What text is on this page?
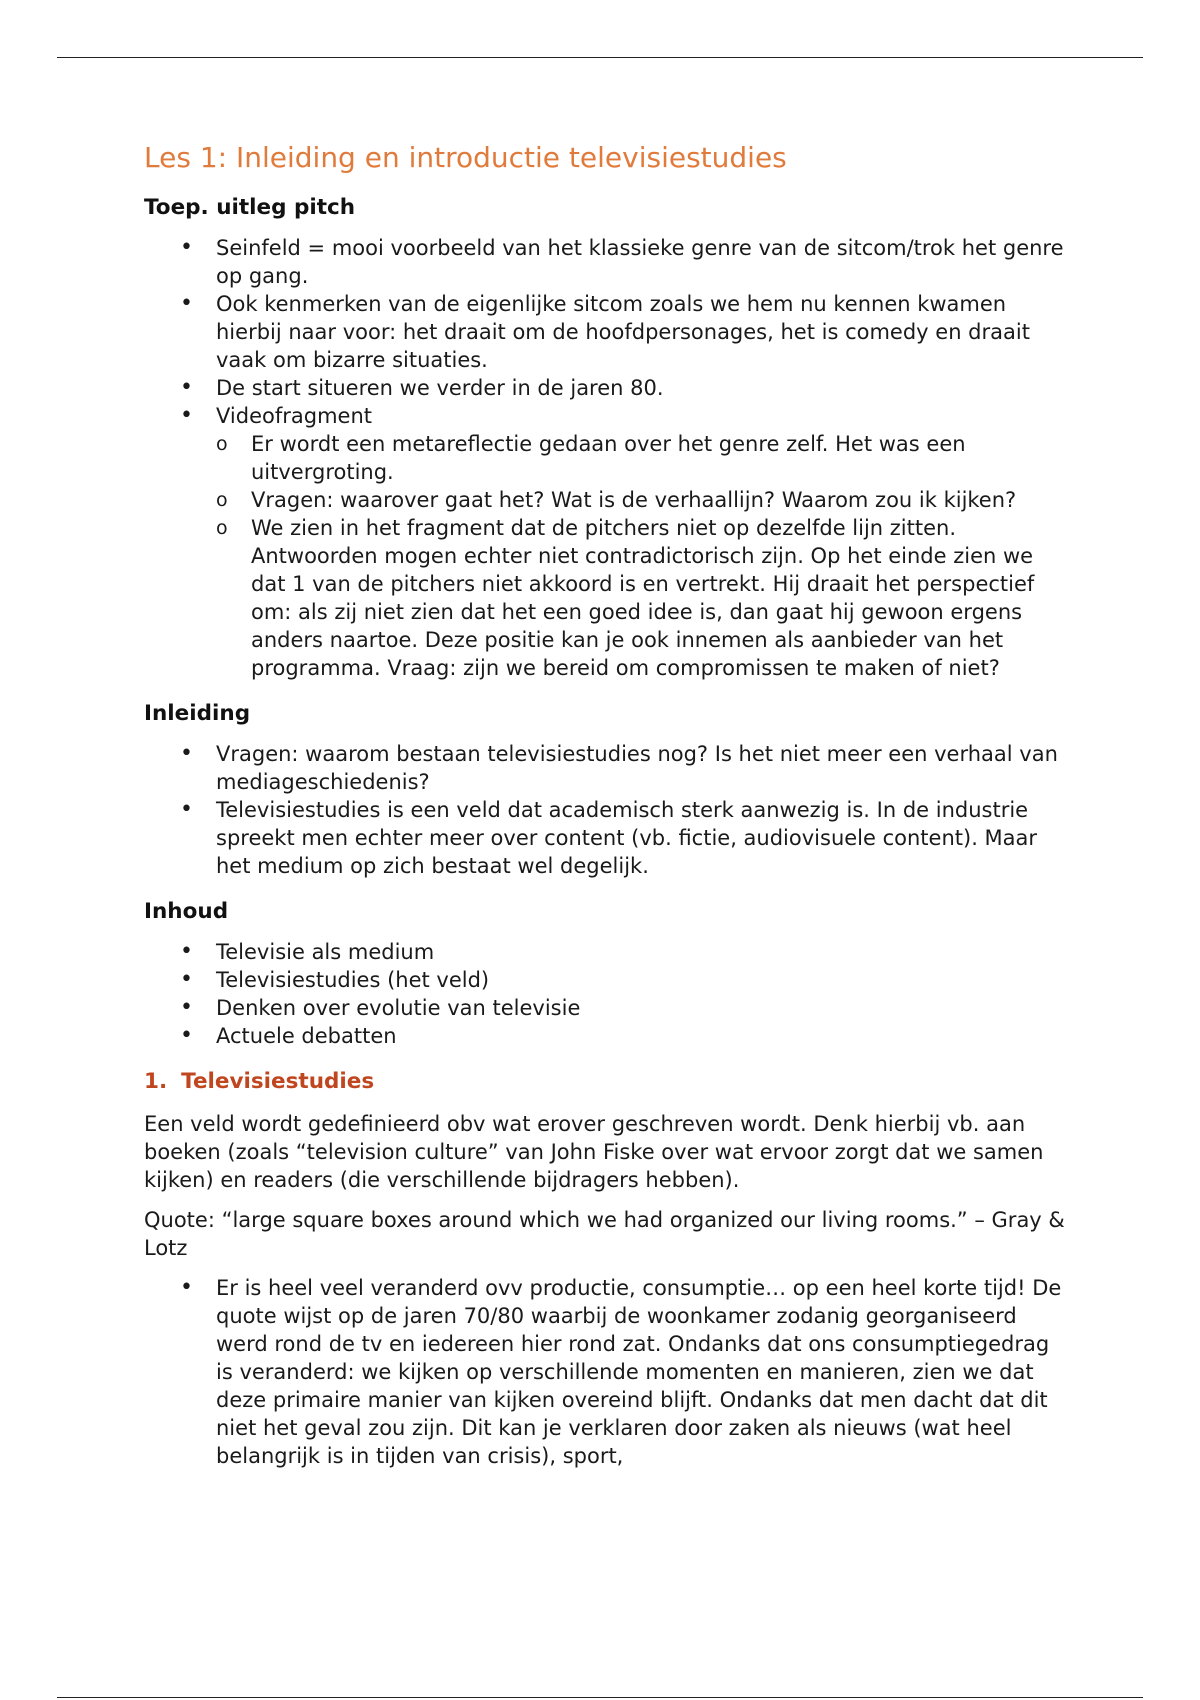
Les 1: Inleiding en introductie televisiestudies
Toep. uitleg pitch
•	Seinfeld = mooi voorbeeld van het klassieke genre van de sitcom/trok het genre op gang.
•	Ook kenmerken van de eigenlijke sitcom zoals we hem nu kennen kwamen hierbij naar voor: het draait om de hoofdpersonages, het is comedy en draait vaak om bizarre situaties.
•	De start situeren we verder in de jaren 80.
•	Videofragment
o Er wordt een metareflectie gedaan over het genre zelf. Het was een uitvergroting.
o Vragen: waarover gaat het? Wat is de verhaallijn? Waarom zou ik kijken?
o We zien in het fragment dat de pitchers niet op dezelfde lijn zitten. Antwoorden mogen echter niet contradictorisch zijn. Op het einde zien we dat 1 van de pitchers niet akkoord is en vertrekt. Hij draait het perspectief om: als zij niet zien dat het een goed idee is, dan gaat hij gewoon ergens anders naartoe. Deze positie kan je ook innemen als aanbieder van het programma. Vraag: zijn we bereid om compromissen te maken of niet?
Inleiding
•	Vragen: waarom bestaan televisiestudies nog? Is het niet meer een verhaal van mediageschiedenis?
•	Televisiestudies is een veld dat academisch sterk aanwezig is. In de industrie spreekt men echter meer over content (vb. fictie, audiovisuele content). Maar het medium op zich bestaat wel degelijk.
Inhoud
•	Televisie als medium
•	Televisiestudies (het veld)
•	Denken over evolutie van televisie
•	Actuele debatten
1. Televisiestudies

Een veld wordt gedefinieerd obv wat erover geschreven wordt. Denk hierbij vb. aan boeken (zoals “television culture” van John Fiske over wat ervoor zorgt dat we samen kijken) en readers (die verschillende bijdragers hebben).

Quote: “large square boxes around which we had organized our living rooms.” – Gray & Lotz

•	Er is heel veel veranderd ovv productie, consumptie… op een heel korte tijd! De quote wijst op de jaren 70/80 waarbij de woonkamer zodanig georganiseerd werd rond de tv en iedereen hier rond zat. Ondanks dat ons consumptiegedrag is veranderd: we kijken op verschillende momenten en manieren, zien we dat deze primaire manier van kijken overeind blijft. Ondanks dat men dacht dat dit niet het geval zou zijn. Dit kan je verklaren door zaken als nieuws (wat heel belangrijk is in tijden van crisis), sport,
